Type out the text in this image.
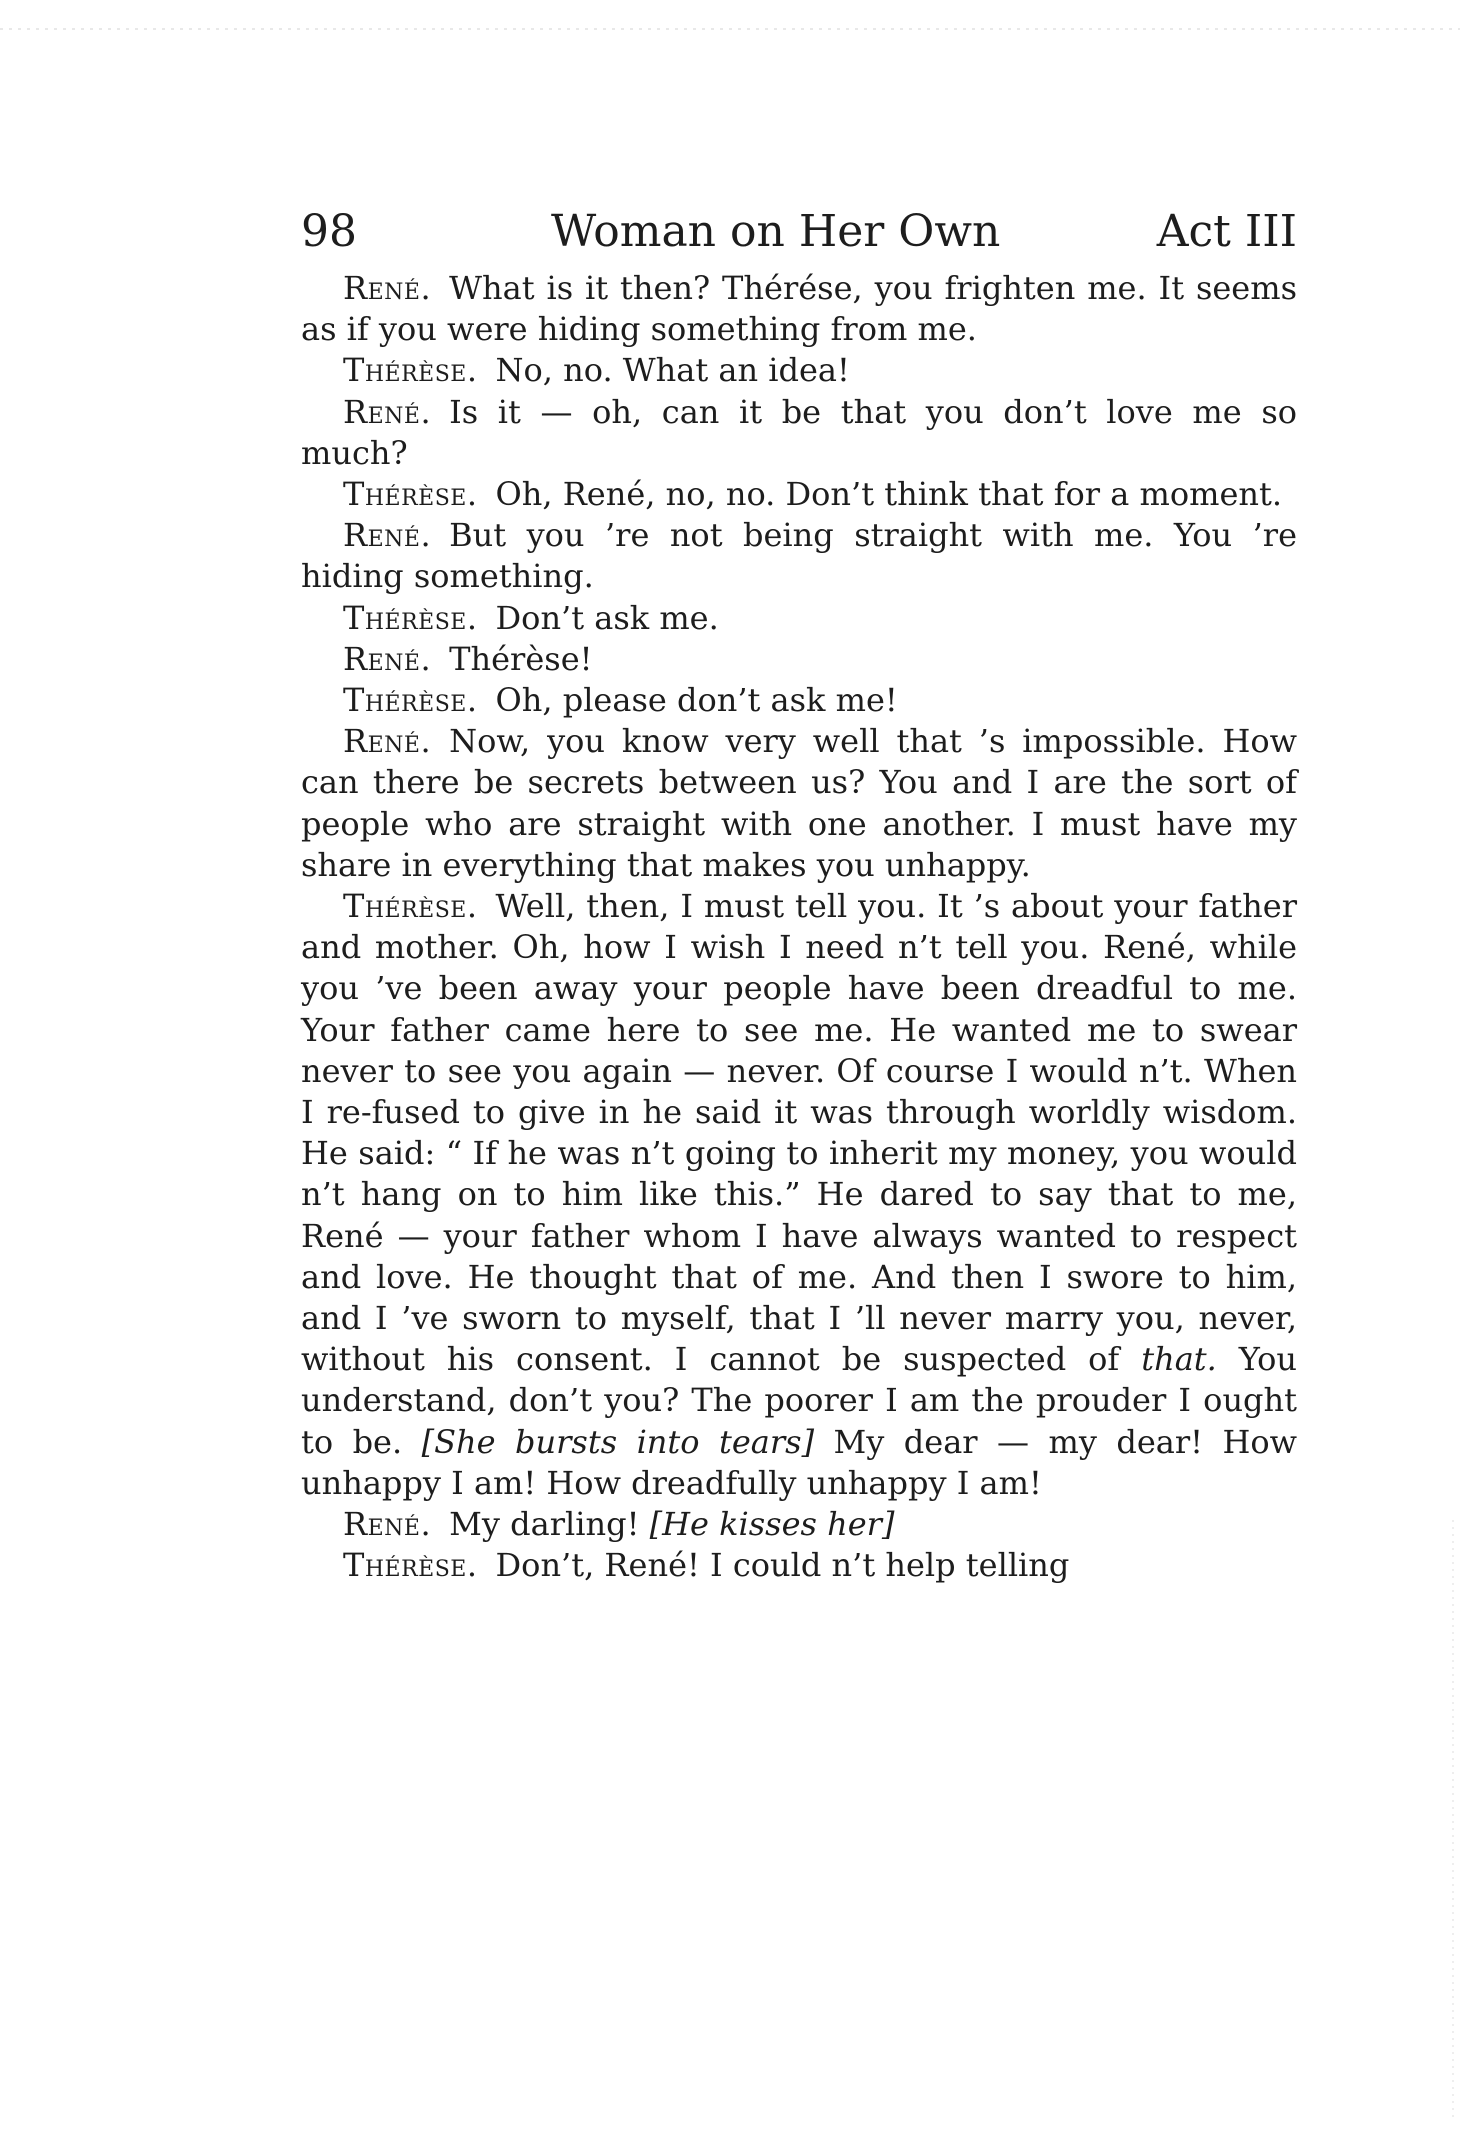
98	Woman on Her Own	Act III

René. What is it then? Thérése, you frighten me. It seems as if you were hiding something from me.

Thérèse. No, no. What an idea!

René. Is it — oh, can it be that you don’t love me so much?

Thérèse. Oh, René, no, no. Don’t think that for a moment.

René. But you ’re not being straight with me. You ’re hiding something.

Thérèse. Don’t ask me.

René. Thérèse!

Thérèse. Oh, please don’t ask me!

René. Now, you know very well that ’s impossible. How can there be secrets between us? You and I are the sort of people who are straight with one another. I must have my share in everything that makes you unhappy.

Thérèse. Well, then, I must tell you. It ’s about your father and mother. Oh, how I wish I need n’t tell you. René, while you ’ve been away your people have been dreadful to me. Your father came here to see me. He wanted me to swear never to see you again — never. Of course I would n’t. When I re-fused to give in he said it was through worldly wisdom. He said: “ If he was n’t going to inherit my money, you would n’t hang on to him like this.” He dared to say that to me, René — your father whom I have always wanted to respect and love. He thought that of me. And then I swore to him, and I ’ve sworn to myself, that I ’ll never marry you, never, without his consent. I cannot be suspected of that. You understand, don’t you? The poorer I am the prouder I ought to be. [She bursts into tears] My dear — my dear! How unhappy I am! How dreadfully unhappy I am!

René. My darling! [He kisses her]

Thérèse. Don’t, René! I could n’t help telling
